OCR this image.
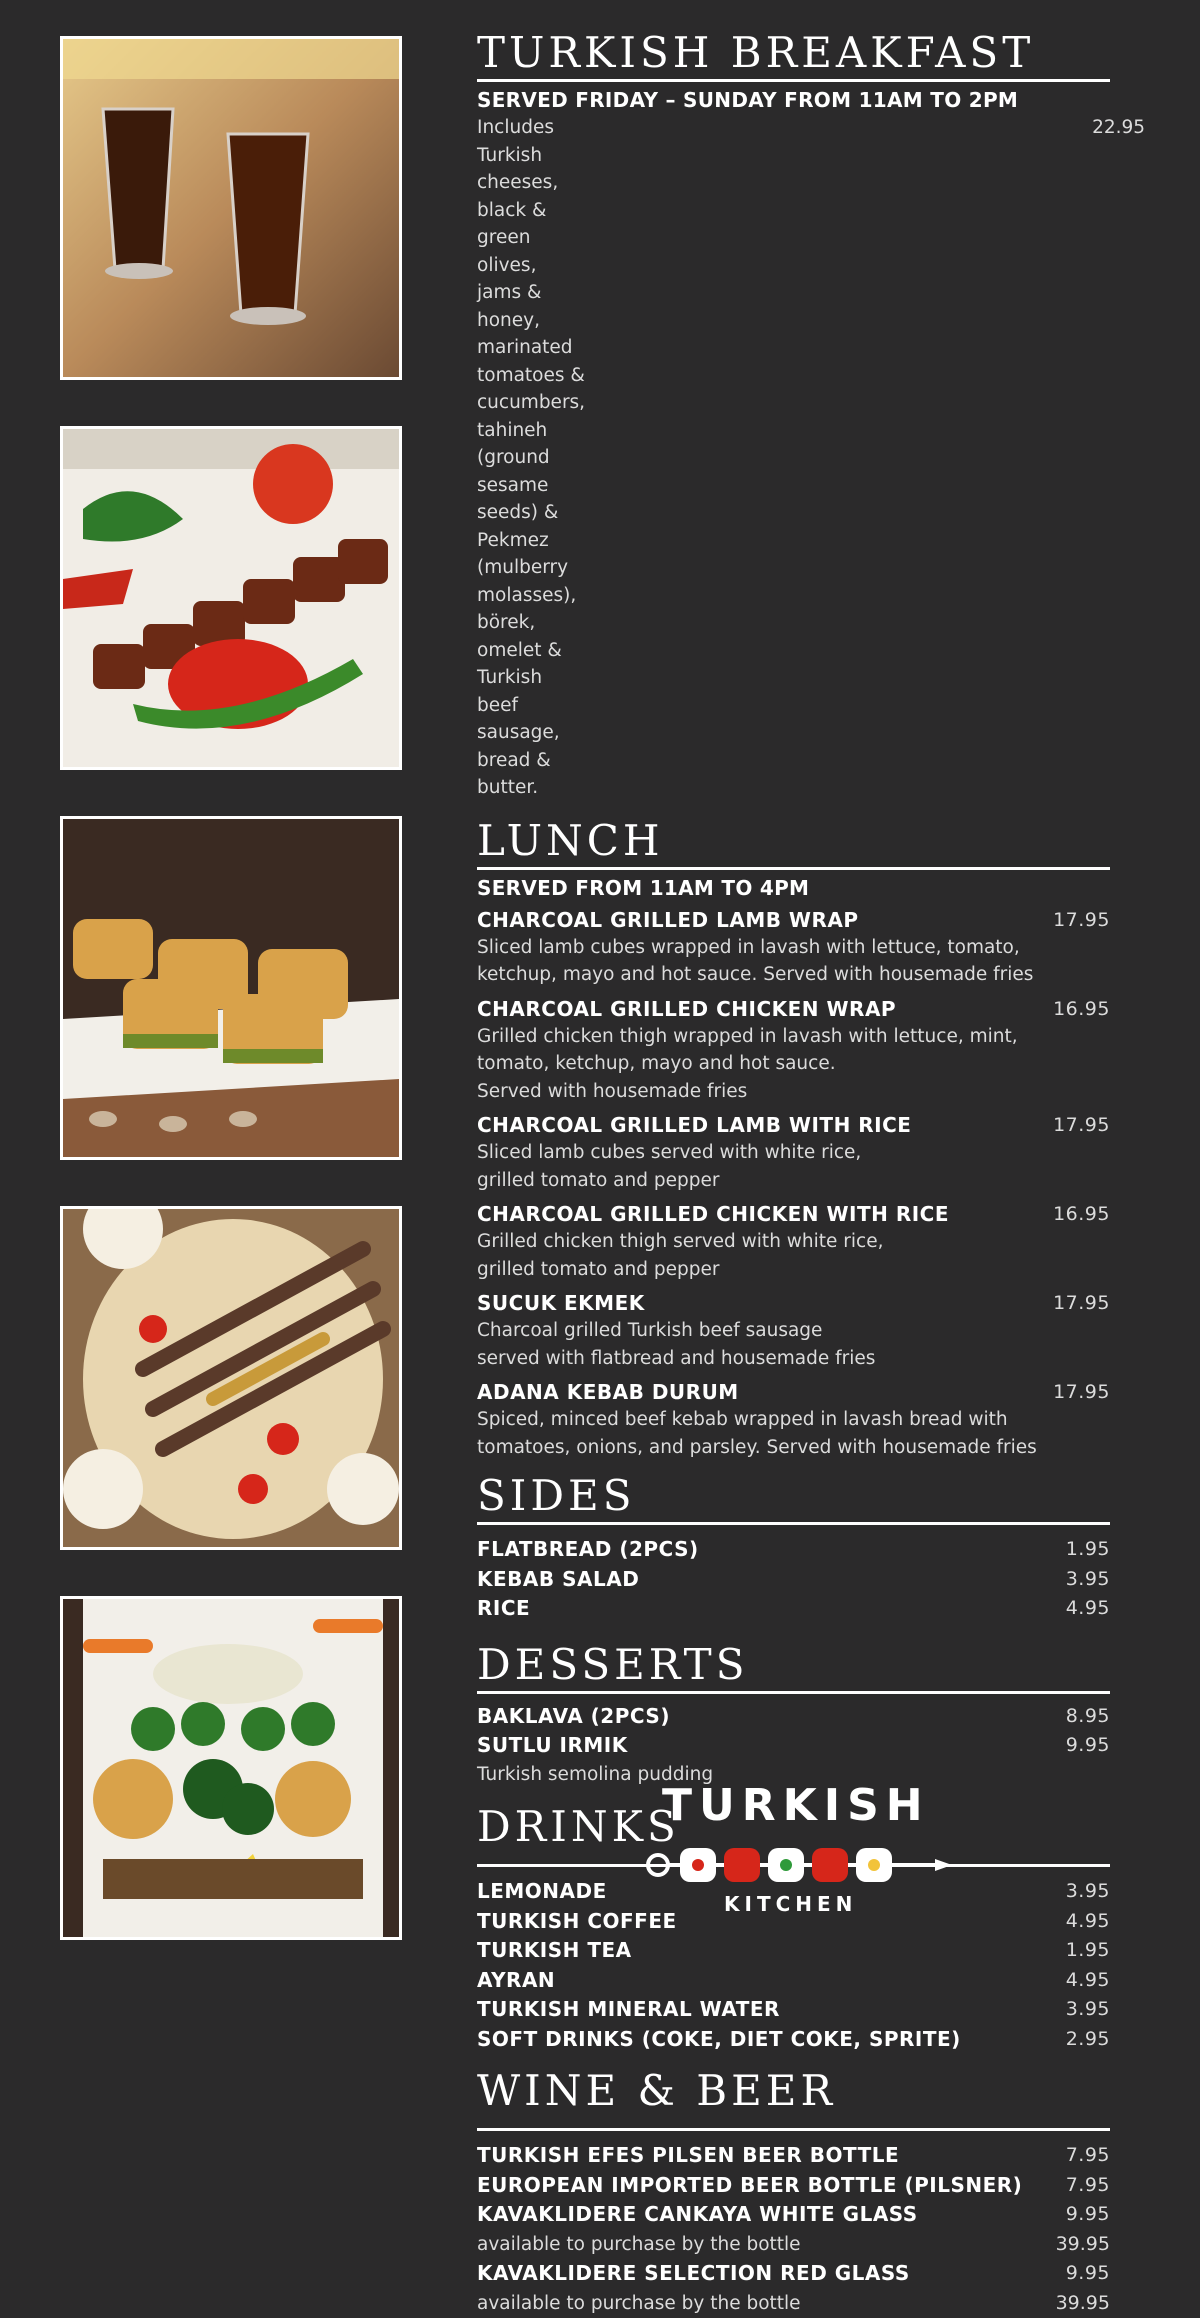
TURKISH BREAKFAST
SERVED FRIDAY – SUNDAY FROM 11AM TO 2PM
Includes Turkish cheeses, black & green olives, jams & honey, marinated tomatoes & cucumbers, tahineh (ground sesame seeds) & Pekmez (mulberry molasses), börek, omelet & Turkish beef sausage, bread & butter.
22.95
LUNCH
SERVED FROM 11AM TO 4PM
CHARCOAL GRILLED LAMB WRAP	17.95
Sliced lamb cubes wrapped in lavash with lettuce, tomato,
ketchup, mayo and hot sauce. Served with housemade fries
CHARCOAL GRILLED CHICKEN WRAP	16.95
Grilled chicken thigh wrapped in lavash with lettuce, mint,
tomato, ketchup, mayo and hot sauce.
Served with housemade fries
CHARCOAL GRILLED LAMB WITH RICE	17.95
Sliced lamb cubes served with white rice,
grilled tomato and pepper
CHARCOAL GRILLED CHICKEN WITH RICE	16.95
Grilled chicken thigh served with white rice,
grilled tomato and pepper
SUCUK EKMEK	17.95
Charcoal grilled Turkish beef sausage
served with flatbread and housemade fries
ADANA KEBAB DURUM	17.95
Spiced, minced beef kebab wrapped in lavash bread with
tomatoes, onions, and parsley. Served with housemade fries
SIDES
FLATBREAD (2PCS)	1.95
KEBAB SALAD	3.95
RICE	4.95
DESSERTS
BAKLAVA (2PCS)	8.95
SUTLU IRMIK	9.95
Turkish semolina pudding
DRINKS
LEMONADE	3.95
TURKISH COFFEE	4.95
TURKISH TEA	1.95
AYRAN	4.95
TURKISH MINERAL WATER	3.95
SOFT DRINKS (COKE, DIET COKE, SPRITE)	2.95
WINE & BEER
TURKISH EFES PILSEN BEER BOTTLE	7.95
EUROPEAN IMPORTED BEER BOTTLE (PILSNER)	7.95
KAVAKLIDERE CANKAYA WHITE GLASS	9.95
available to purchase by the bottle	39.95
KAVAKLIDERE SELECTION RED GLASS	9.95
available to purchase by the bottle	39.95
TURKISH
KITCHEN
